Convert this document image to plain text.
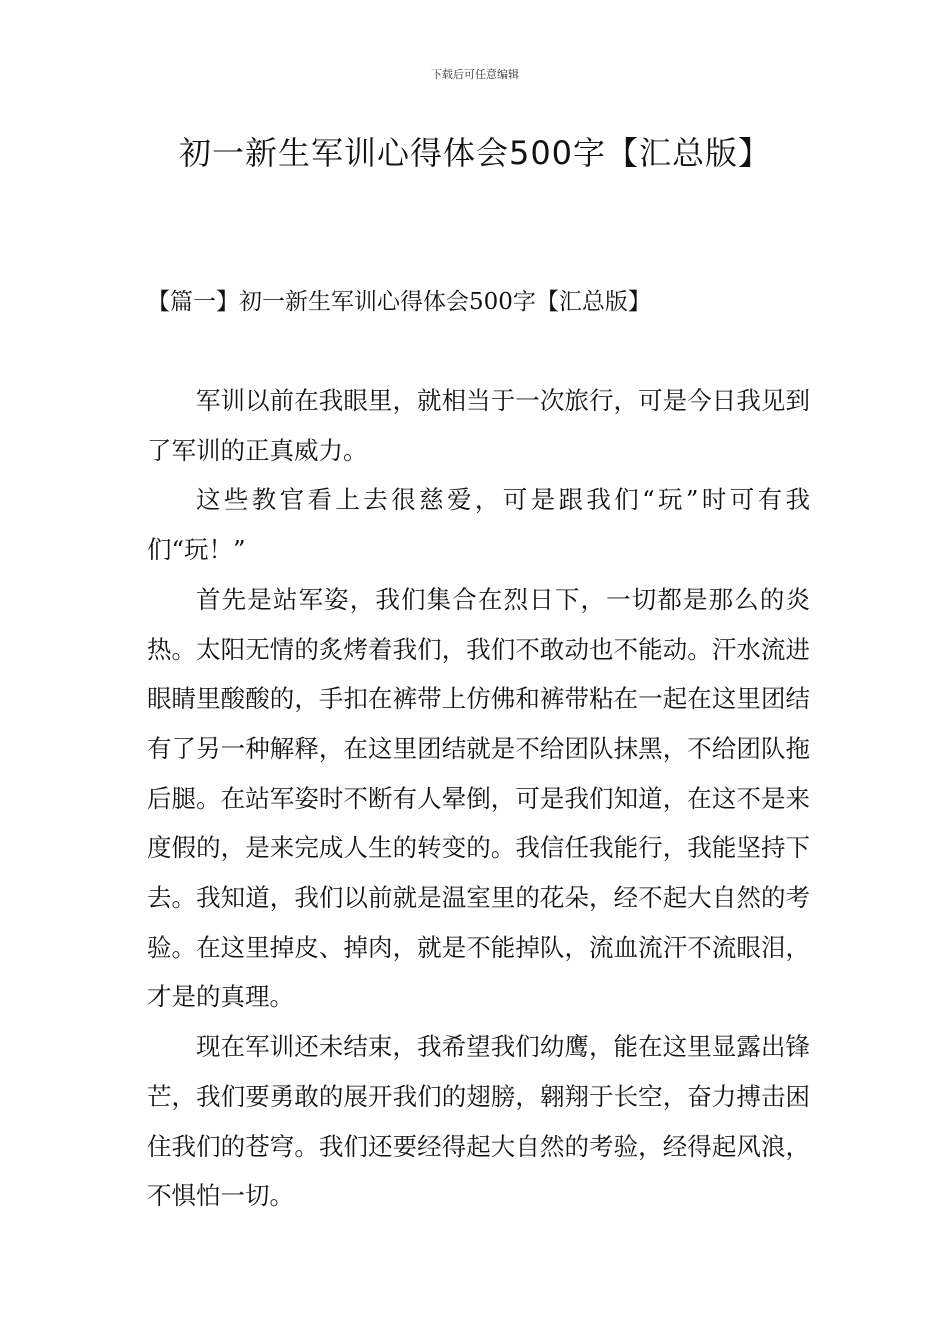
下载后可任意编辑
初一新生军训心得体会500字【汇总版】
【篇一】初一新生军训心得体会500字【汇总版】

军训以前在我眼里，就相当于一次旅行，可是今日我见到了军训的正真威力。

这些教官看上去很慈爱，可是跟我们“玩”时可有我们“玩！”

首先是站军姿，我们集合在烈日下，一切都是那么的炎热。太阳无情的炙烤着我们，我们不敢动也不能动。汗水流进眼睛里酸酸的，手扣在裤带上仿佛和裤带粘在一起在这里团结有了另一种解释，在这里团结就是不给团队抹黑，不给团队拖后腿。在站军姿时不断有人晕倒，可是我们知道，在这不是来度假的，是来完成人生的转变的。我信任我能行，我能坚持下去。我知道，我们以前就是温室里的花朵，经不起大自然的考验。在这里掉皮、掉肉，就是不能掉队，流血流汗不流眼泪，才是的真理。

现在军训还未结束，我希望我们幼鹰，能在这里显露出锋芒，我们要勇敢的展开我们的翅膀，翱翔于长空，奋力搏击困住我们的苍穹。我们还要经得起大自然的考验，经得起风浪，不惧怕一切。
